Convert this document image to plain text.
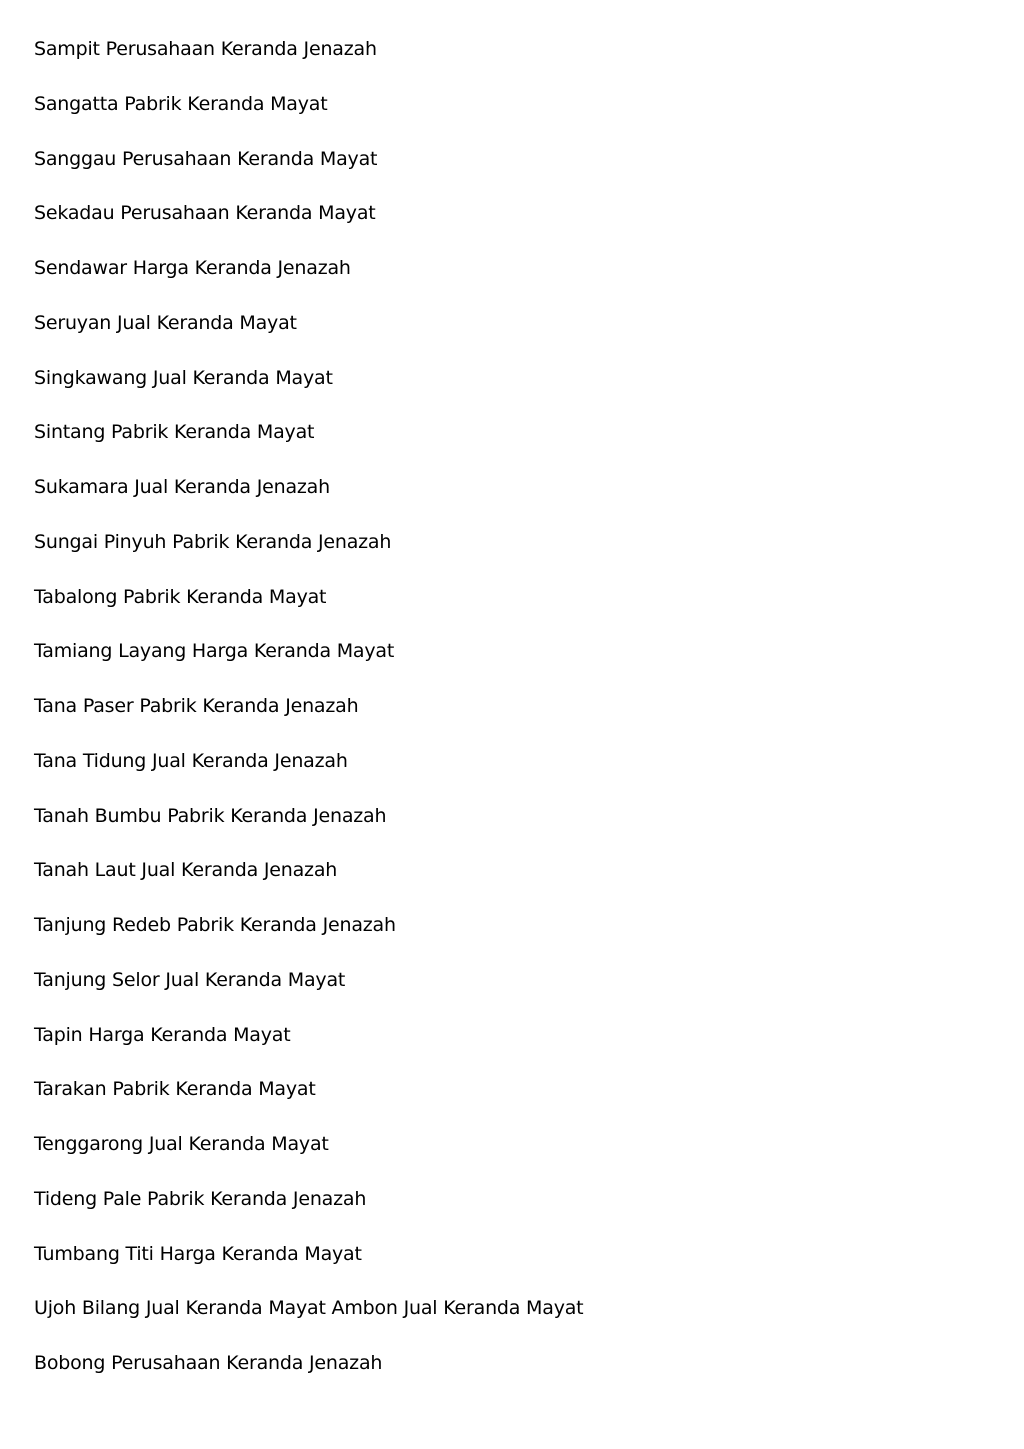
Sampit Perusahaan Keranda Jenazah
Sangatta Pabrik Keranda Mayat
Sanggau Perusahaan Keranda Mayat
Sekadau Perusahaan Keranda Mayat
Sendawar Harga Keranda Jenazah
Seruyan Jual Keranda Mayat
Singkawang Jual Keranda Mayat
Sintang Pabrik Keranda Mayat
Sukamara Jual Keranda Jenazah
Sungai Pinyuh Pabrik Keranda Jenazah
Tabalong Pabrik Keranda Mayat
Tamiang Layang Harga Keranda Mayat
Tana Paser Pabrik Keranda Jenazah
Tana Tidung Jual Keranda Jenazah
Tanah Bumbu Pabrik Keranda Jenazah
Tanah Laut Jual Keranda Jenazah
Tanjung Redeb Pabrik Keranda Jenazah
Tanjung Selor Jual Keranda Mayat
Tapin Harga Keranda Mayat
Tarakan Pabrik Keranda Mayat
Tenggarong Jual Keranda Mayat
Tideng Pale Pabrik Keranda Jenazah
Tumbang Titi Harga Keranda Mayat
Ujoh Bilang Jual Keranda Mayat Ambon Jual Keranda Mayat
Bobong Perusahaan Keranda Jenazah
